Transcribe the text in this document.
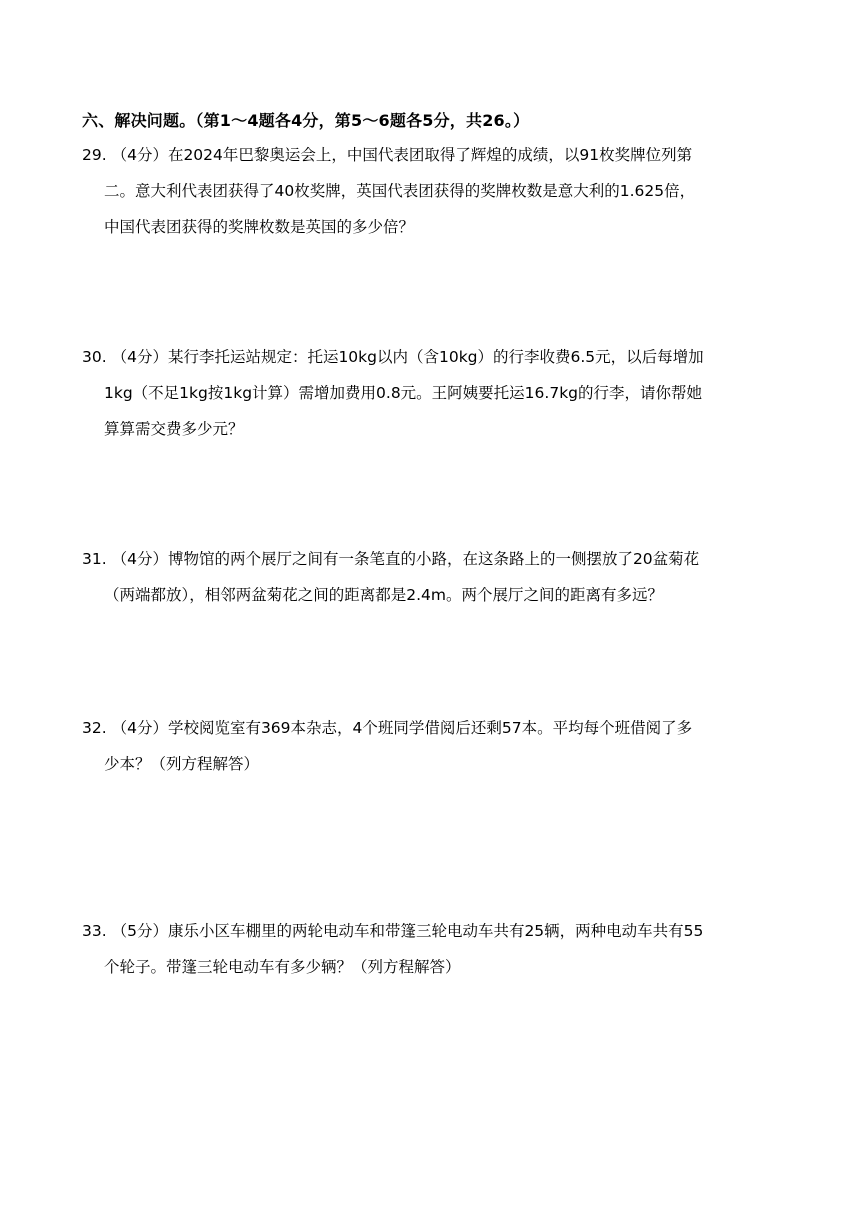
六、解决问题。（第1～4题各4分，第5～6题各5分，共26。）
29. （4分）在2024年巴黎奥运会上，中国代表团取得了辉煌的成绩，以91枚奖牌位列第
二。意大利代表团获得了40枚奖牌，英国代表团获得的奖牌枚数是意大利的1.625倍，
中国代表团获得的奖牌枚数是英国的多少倍？
30. （4分）某行李托运站规定：托运10kg以内（含10kg）的行李收费6.5元，以后每增加
1kg（不足1kg按1kg计算）需增加费用0.8元。王阿姨要托运16.7kg的行李，请你帮她
算算需交费多少元？
31. （4分）博物馆的两个展厅之间有一条笔直的小路，在这条路上的一侧摆放了20盆菊花
（两端都放），相邻两盆菊花之间的距离都是2.4m。两个展厅之间的距离有多远？
32. （4分）学校阅览室有369本杂志，4个班同学借阅后还剩57本。平均每个班借阅了多
少本？（列方程解答）
33. （5分）康乐小区车棚里的两轮电动车和带篷三轮电动车共有25辆，两种电动车共有55
个轮子。带篷三轮电动车有多少辆？（列方程解答）
